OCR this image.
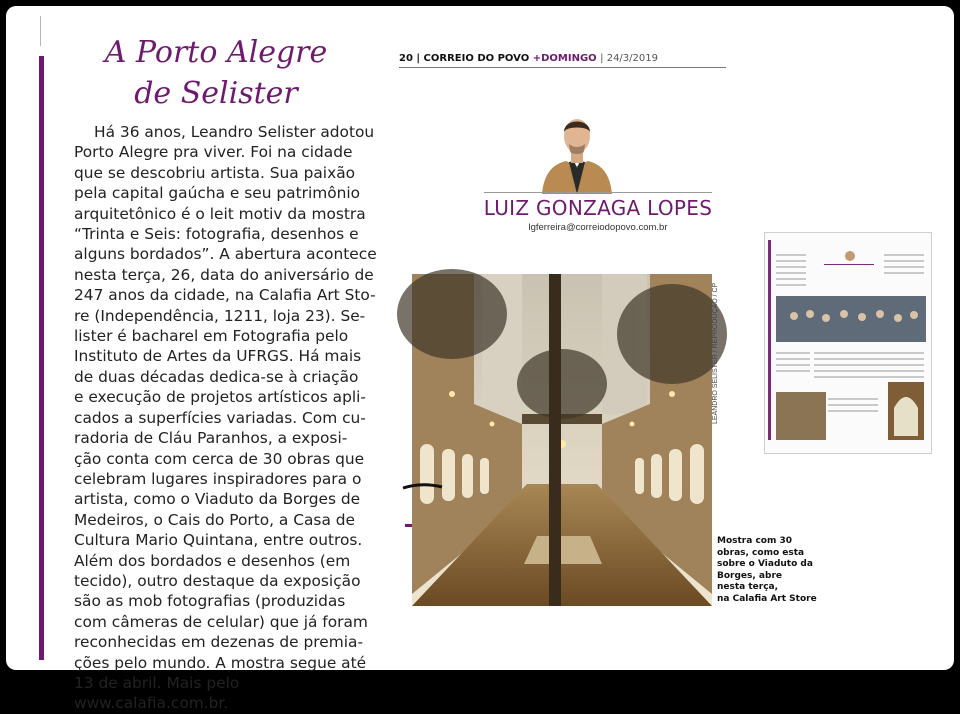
A Porto Alegre
de Selister
Há 36 anos, Leandro Selister adotou
Porto Alegre pra viver. Foi na cidade
que se descobriu artista. Sua paixão
pela capital gaúcha e seu patrimônio
arquitetônico é o leit motiv da mostra
“Trinta e Seis: fotografia, desenhos e
alguns bordados”. A abertura acontece
nesta terça, 26, data do aniversário de
247 anos da cidade, na Calafia Art Sto-
re (Independência, 1211, loja 23). Se-
lister é bacharel em Fotografia pelo
Instituto de Artes da UFRGS. Há mais
de duas décadas dedica-se à criação
e execução de projetos artísticos apli-
cados a superfícies variadas. Com cu-
radoria de Cláu Paranhos, a exposi-
ção conta com cerca de 30 obras que
celebram lugares inspiradores para o
artista, como o Viaduto da Borges de
Medeiros, o Cais do Porto, a Casa de
Cultura Mario Quintana, entre outros.
Além dos bordados e desenhos (em
tecido), outro destaque da exposição
são as mob fotografias (produzidas
com câmeras de celular) que já foram
reconhecidas em dezenas de premia-
ções pelo mundo. A mostra segue até
13 de abril. Mais pelo
www.calafia.com.br.
20 | CORREIO DO POVO +DOMINGO | 24/3/2019
LUIZ GONZAGA LOPES
lgferreira@correiodopovo.com.br
LEANDRO SELISTER / REPRODUÇÃO / CP
Mostra com 30
obras, como esta
sobre o Viaduto da
Borges, abre
nesta terça,
na Calafia Art Store
